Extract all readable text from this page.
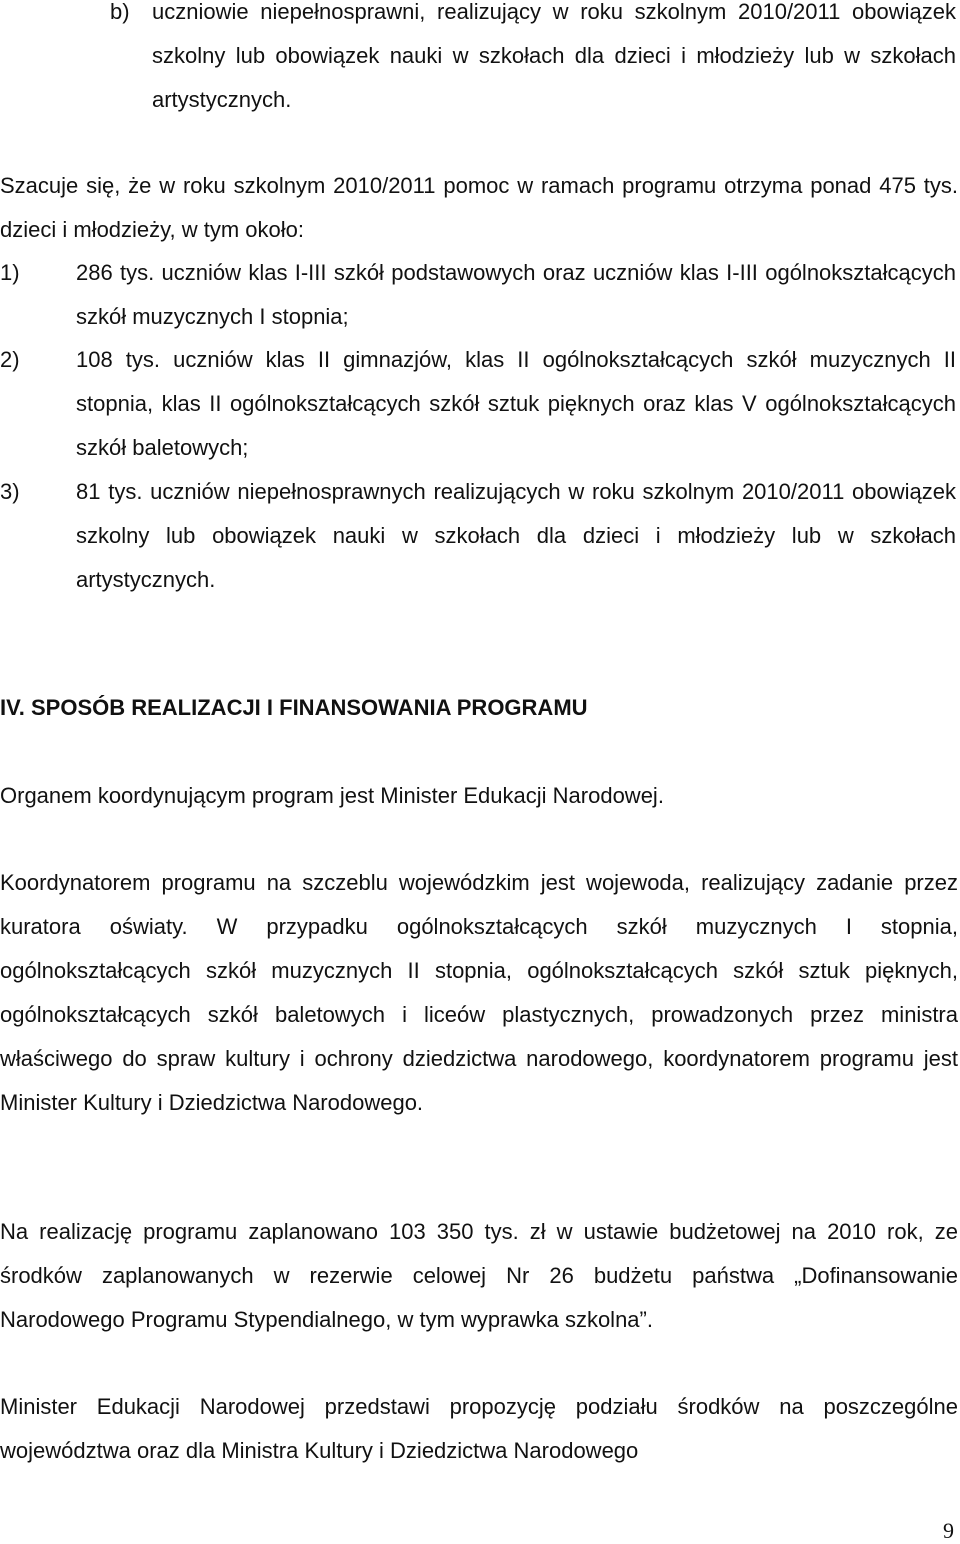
b)	uczniowie niepełnosprawni, realizujący w roku szkolnym 2010/2011 obowiązek szkolny lub obowiązek nauki w szkołach dla dzieci i młodzieży lub w szkołach artystycznych.

Szacuje się, że w roku szkolnym 2010/2011 pomoc w ramach programu otrzyma ponad 475 tys. dzieci i młodzieży, w tym około:

1)	286 tys. uczniów klas I-III szkół podstawowych oraz uczniów klas I-III ogólnokształcących szkół muzycznych I stopnia;
2)	108 tys. uczniów klas II gimnazjów, klas II ogólnokształcących szkół muzycznych II stopnia, klas II ogólnokształcących szkół sztuk pięknych oraz klas V ogólnokształcących szkół baletowych;
3)	81 tys. uczniów niepełnosprawnych realizujących w roku szkolnym 2010/2011 obowiązek szkolny lub obowiązek nauki w szkołach dla dzieci i młodzieży lub w szkołach artystycznych.
IV. SPOSÓB REALIZACJI I FINANSOWANIA PROGRAMU

Organem koordynującym program jest Minister Edukacji Narodowej.

Koordynatorem programu na szczeblu wojewódzkim jest wojewoda, realizujący zadanie przez kuratora oświaty. W przypadku ogólnokształcących szkół muzycznych I stopnia, ogólnokształcących szkół muzycznych II stopnia, ogólnokształcących szkół sztuk pięknych, ogólnokształcących szkół baletowych i liceów plastycznych, prowadzonych przez ministra właściwego do spraw kultury i ochrony dziedzictwa narodowego, koordynatorem programu jest Minister Kultury i Dziedzictwa Narodowego.

Na realizację programu zaplanowano 103 350 tys. zł w ustawie budżetowej na 2010 rok, ze środków zaplanowanych w rezerwie celowej Nr 26 budżetu państwa „Dofinansowanie Narodowego Programu Stypendialnego, w tym wyprawka szkolna”.

Minister Edukacji Narodowej przedstawi propozycję podziału środków na poszczególne województwa oraz dla Ministra Kultury i Dziedzictwa Narodowego

9
